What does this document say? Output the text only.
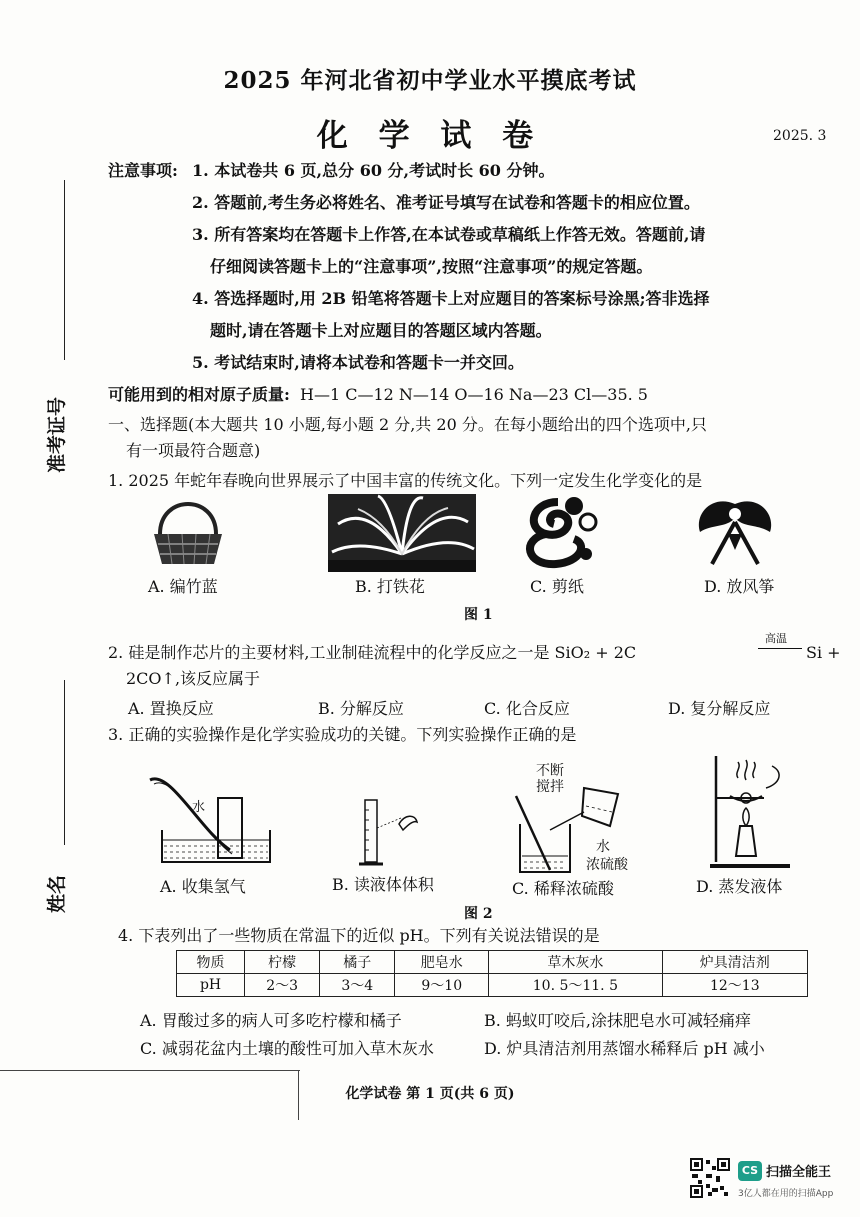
2025 年河北省初中学业水平摸底考试
化 学 试 卷	2025. 3
准考证号
姓名
注意事项: 1. 本试卷共 6 页,总分 60 分,考试时长 60 分钟。
2. 答题前,考生务必将姓名、准考证号填写在试卷和答题卡的相应位置。
3. 所有答案均在答题卡上作答,在本试卷或草稿纸上作答无效。答题前,请
仔细阅读答题卡上的“注意事项”,按照“注意事项”的规定答题。
4. 答选择题时,用 2B 铅笔将答题卡上对应题目的答案标号涂黑;答非选择
题时,请在答题卡上对应题目的答题区域内答题。
5. 考试结束时,请将本试卷和答题卡一并交回。
可能用到的相对原子质量: H—1 C—12 N—14 O—16 Na—23 Cl—35. 5
一、选择题(本大题共 10 小题,每小题 2 分,共 20 分。在每小题给出的四个选项中,只
有一项最符合题意)
1. 2025 年蛇年春晚向世界展示了中国丰富的传统文化。下列一定发生化学变化的是
A. 编竹蓝	B. 打铁花	C. 剪纸	D. 放风筝
图 1
2. 硅是制作芯片的主要材料,工业制硅流程中的化学反应之一是 SiO₂ + 2C
高温
Si +
2CO↑,该反应属于
A. 置换反应	B. 分解反应	C. 化合反应	D. 复分解反应
3. 正确的实验操作是化学实验成功的关键。下列实验操作正确的是
水
不断
搅拌
水
浓硫酸
A. 收集氢气	B. 读液体体积	C. 稀释浓硫酸	D. 蒸发液体
图 2
4. 下表列出了一些物质在常温下的近似 pH。下列有关说法错误的是
物质	柠檬	橘子	肥皂水	草木灰水	炉具清洁剂
pH	2～3	3～4	9～10	10. 5～11. 5	12～13
A. 胃酸过多的病人可多吃柠檬和橘子	B. 蚂蚁叮咬后,涂抹肥皂水可减轻痛痒
C. 减弱花盆内土壤的酸性可加入草木灰水	D. 炉具清洁剂用蒸馏水稀释后 pH 减小
化学试卷 第 1 页(共 6 页)
CS 扫描全能王
3亿人都在用的扫描App
